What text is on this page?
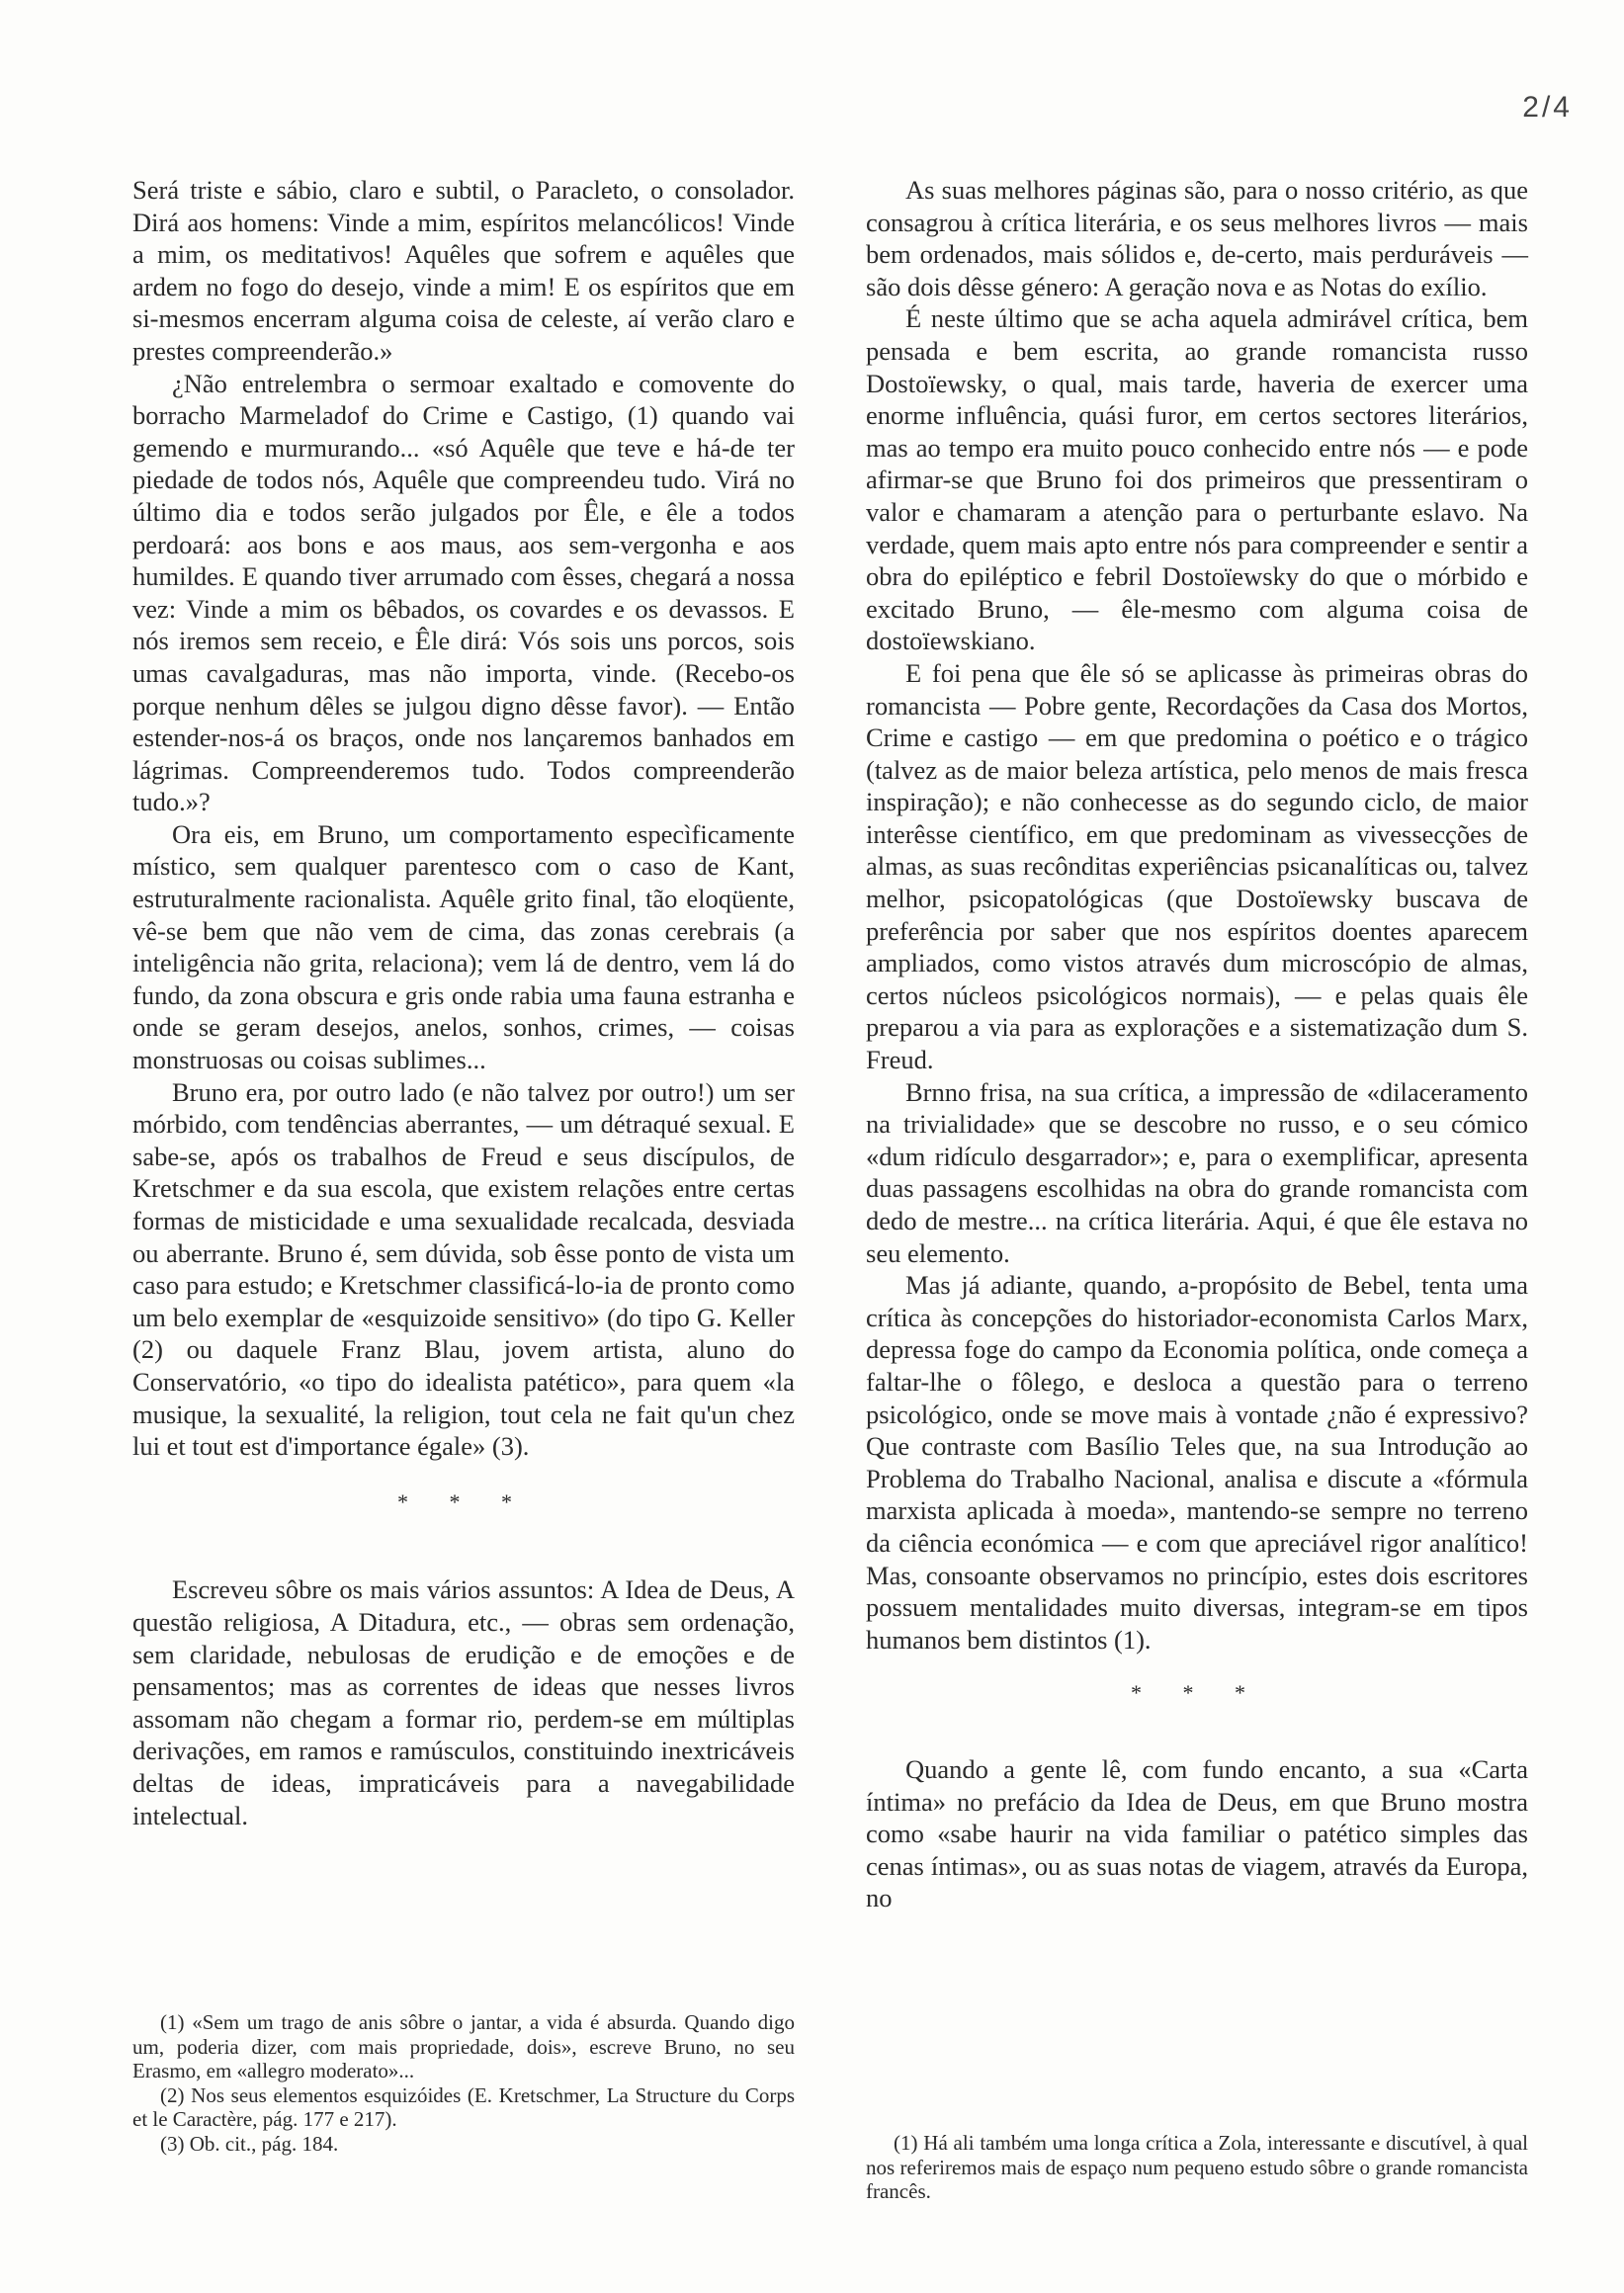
2/4

Será triste e sábio, claro e subtil, o Paracleto, o consolador. Dirá aos homens: Vinde a mim, espíritos melancólicos! Vinde a mim, os meditativos! Aquêles que sofrem e aquêles que ardem no fogo do desejo, vinde a mim! E os espíritos que em si-mesmos encerram alguma coisa de celeste, aí verão claro e prestes compreenderão.»

¿Não entrelembra o sermoar exaltado e comovente do borracho Marmeladof do Crime e Castigo, (1) quando vai gemendo e murmurando... «só Aquêle que teve e há-de ter piedade de todos nós, Aquêle que compreendeu tudo. Virá no último dia e todos serão julgados por Êle, e êle a todos perdoará: aos bons e aos maus, aos sem-vergonha e aos humildes. E quando tiver arrumado com êsses, chegará a nossa vez: Vinde a mim os bêbados, os covardes e os devassos. E nós iremos sem receio, e Êle dirá: Vós sois uns porcos, sois umas cavalgaduras, mas não importa, vinde. (Recebo-os porque nenhum dêles se julgou digno dêsse favor). — Então estender-nos-á os braços, onde nos lançaremos banhados em lágrimas. Compreenderemos tudo. Todos compreenderão tudo.»?

Ora eis, em Bruno, um comportamento especìficamente místico, sem qualquer parentesco com o caso de Kant, estruturalmente racionalista. Aquêle grito final, tão eloqüente, vê-se bem que não vem de cima, das zonas cerebrais (a inteligência não grita, relaciona); vem lá de dentro, vem lá do fundo, da zona obscura e gris onde rabia uma fauna estranha e onde se geram desejos, anelos, sonhos, crimes, — coisas monstruosas ou coisas sublimes...

Bruno era, por outro lado (e não talvez por outro!) um ser mórbido, com tendências aberrantes, — um détraqué sexual. E sabe-se, após os trabalhos de Freud e seus discípulos, de Kretschmer e da sua escola, que existem relações entre certas formas de misticidade e uma sexualidade recalcada, desviada ou aberrante. Bruno é, sem dúvida, sob êsse ponto de vista um caso para estudo; e Kretschmer classificá-lo-ia de pronto como um belo exemplar de «esquizoide sensitivo» (do tipo G. Keller (2) ou daquele Franz Blau, jovem artista, aluno do Conservatório, «o tipo do idealista patético», para quem «la musique, la sexualité, la religion, tout cela ne fait qu'un chez lui et tout est d'importance égale» (3).

* * *

Escreveu sôbre os mais vários assuntos: A Idea de Deus, A questão religiosa, A Ditadura, etc., — obras sem ordenação, sem claridade, nebulosas de erudição e de emoções e de pensamentos; mas as correntes de ideas que nesses livros assomam não chegam a formar rio, perdem-se em múltiplas derivações, em ramos e ramúsculos, constituindo inextricáveis deltas de ideas, impraticáveis para a navegabilidade intelectual.

(1) «Sem um trago de anis sôbre o jantar, a vida é absurda. Quando digo um, poderia dizer, com mais propriedade, dois», escreve Bruno, no seu Erasmo, em «allegro moderato»...

(2) Nos seus elementos esquizóides (E. Kretschmer, La Structure du Corps et le Caractère, pág. 177 e 217).

(3) Ob. cit., pág. 184.

As suas melhores páginas são, para o nosso critério, as que consagrou à crítica literária, e os seus melhores livros — mais bem ordenados, mais sólidos e, de-certo, mais perduráveis — são dois dêsse género: A geração nova e as Notas do exílio.

É neste último que se acha aquela admirável crítica, bem pensada e bem escrita, ao grande romancista russo Dostoïewsky, o qual, mais tarde, haveria de exercer uma enorme influência, quási furor, em certos sectores literários, mas ao tempo era muito pouco conhecido entre nós — e pode afirmar-se que Bruno foi dos primeiros que pressentiram o valor e chamaram a atenção para o perturbante eslavo. Na verdade, quem mais apto entre nós para compreender e sentir a obra do epiléptico e febril Dostoïewsky do que o mórbido e excitado Bruno, — êle-mesmo com alguma coisa de dostoïewskiano.

E foi pena que êle só se aplicasse às primeiras obras do romancista — Pobre gente, Recordações da Casa dos Mortos, Crime e castigo — em que predomina o poético e o trágico (talvez as de maior beleza artística, pelo menos de mais fresca inspiração); e não conhecesse as do segundo ciclo, de maior interêsse científico, em que predominam as vivessecções de almas, as suas recônditas experiências psicanalíticas ou, talvez melhor, psicopatológicas (que Dostoïewsky buscava de preferência por saber que nos espíritos doentes aparecem ampliados, como vistos através dum microscópio de almas, certos núcleos psicológicos normais), — e pelas quais êle preparou a via para as explorações e a sistematização dum S. Freud.

Brnno frisa, na sua crítica, a impressão de «dilaceramento na trivialidade» que se descobre no russo, e o seu cómico «dum ridículo desgarrador»; e, para o exemplificar, apresenta duas passagens escolhidas na obra do grande romancista com dedo de mestre... na crítica literária. Aqui, é que êle estava no seu elemento.

Mas já adiante, quando, a-propósito de Bebel, tenta uma crítica às concepções do historiador-economista Carlos Marx, depressa foge do campo da Economia política, onde começa a faltar-lhe o fôlego, e desloca a questão para o terreno psicológico, onde se move mais à vontade ¿não é expressivo? Que contraste com Basílio Teles que, na sua Introdução ao Problema do Trabalho Nacional, analisa e discute a «fórmula marxista aplicada à moeda», mantendo-se sempre no terreno da ciência económica — e com que apreciável rigor analítico! Mas, consoante observamos no princípio, estes dois escritores possuem mentalidades muito diversas, integram-se em tipos humanos bem distintos (1).

* * *

Quando a gente lê, com fundo encanto, a sua «Carta íntima» no prefácio da Idea de Deus, em que Bruno mostra como «sabe haurir na vida familiar o patético simples das cenas íntimas», ou as suas notas de viagem, através da Europa, no

(1) Há ali também uma longa crítica a Zola, interessante e discutível, à qual nos referiremos mais de espaço num pequeno estudo sôbre o grande romancista francês.
